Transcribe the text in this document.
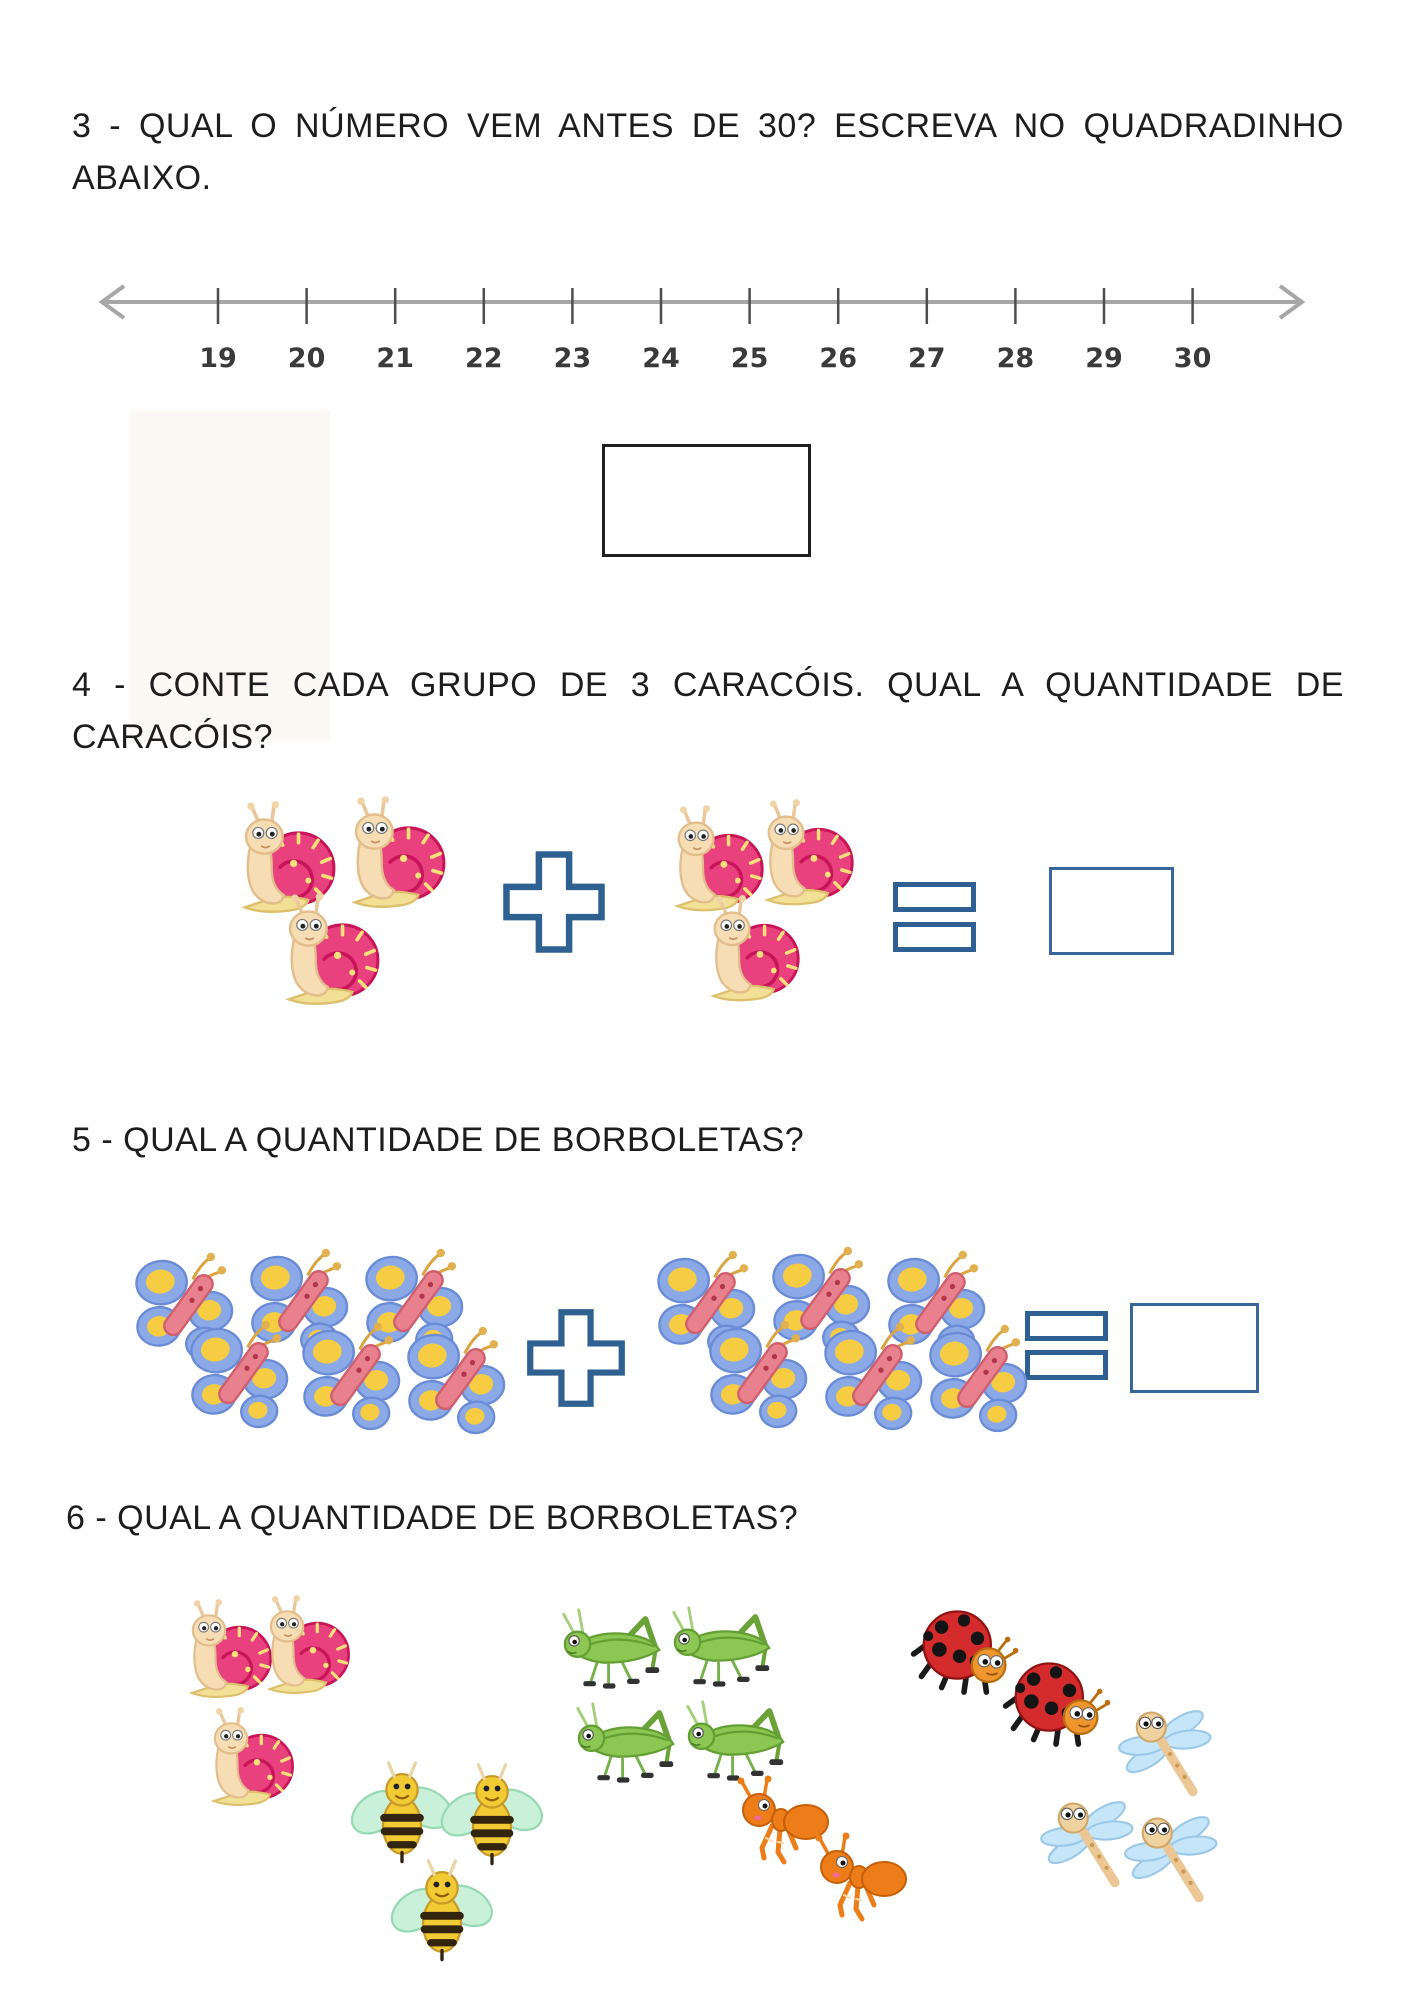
3 - QUAL O NÚMERO VEM ANTES DE 30? ESCREVA NO QUADRADINHO ABAIXO.

19 20 21 22 23 24 25 26 27 28 29 30

4 - CONTE CADA GRUPO DE 3 CARACÓIS. QUAL A QUANTIDADE DE CARACÓIS?

5 - QUAL A QUANTIDADE DE BORBOLETAS?

6 - QUAL A QUANTIDADE DE BORBOLETAS?
